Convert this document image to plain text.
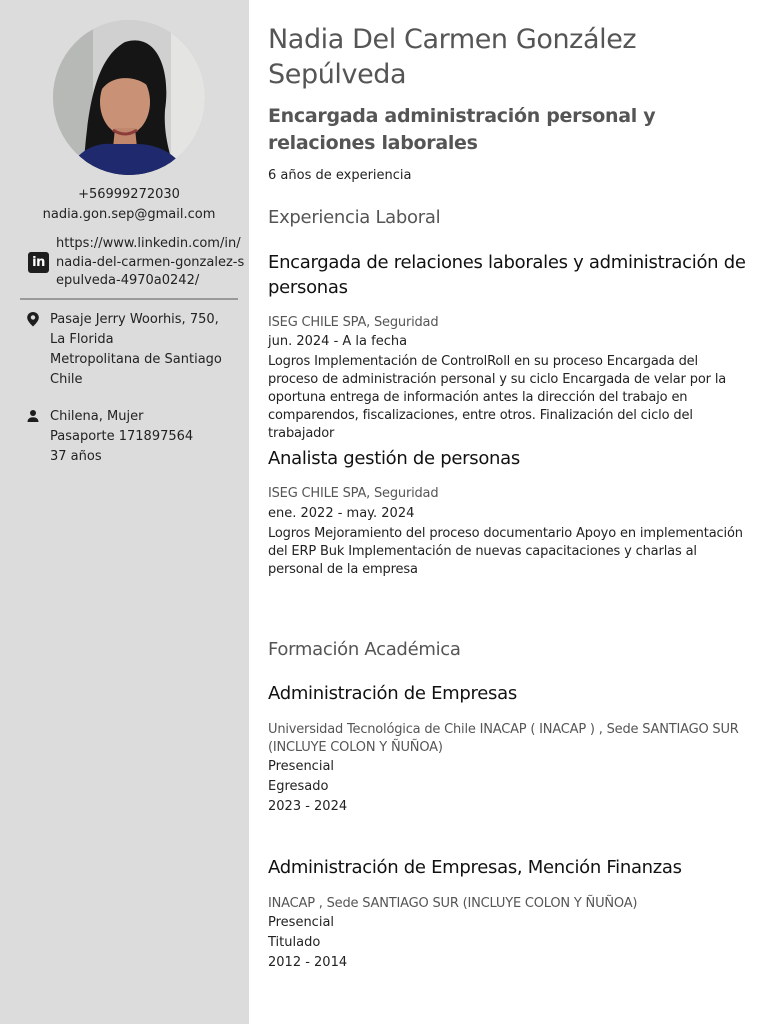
+56999272030
nadia.gon.sep@gmail.com
in
https://www.linkedin.com/in/nadia-del-carmen-gonzalez-sepulveda-4970a0242/
Pasaje Jerry Woorhis, 750,
La Florida
Metropolitana de Santiago
Chile
Chilena, Mujer
Pasaporte 171897564
37 años
Nadia Del Carmen González Sepúlveda
Encargada administración personal y relaciones laborales
6 años de experiencia
Experiencia Laboral
Encargada de relaciones laborales y administración de personas
ISEG CHILE SPA, Seguridad
jun. 2024 - A la fecha
Logros Implementación de ControlRoll en su proceso Encargada del proceso de administración personal y su ciclo Encargada de velar por la oportuna entrega de información antes la dirección del trabajo en comparendos, fiscalizaciones, entre otros. Finalización del ciclo del trabajador
Analista gestión de personas
ISEG CHILE SPA, Seguridad
ene. 2022 - may. 2024
Logros Mejoramiento del proceso documentario Apoyo en implementación del ERP Buk Implementación de nuevas capacitaciones y charlas al personal de la empresa
Formación Académica
Administración de Empresas
Universidad Tecnológica de Chile INACAP ( INACAP ) , Sede SANTIAGO SUR (INCLUYE COLON Y ÑUÑOA)
Presencial
Egresado
2023 - 2024
Administración de Empresas, Mención Finanzas
INACAP , Sede SANTIAGO SUR (INCLUYE COLON Y ÑUÑOA)
Presencial
Titulado
2012 - 2014
